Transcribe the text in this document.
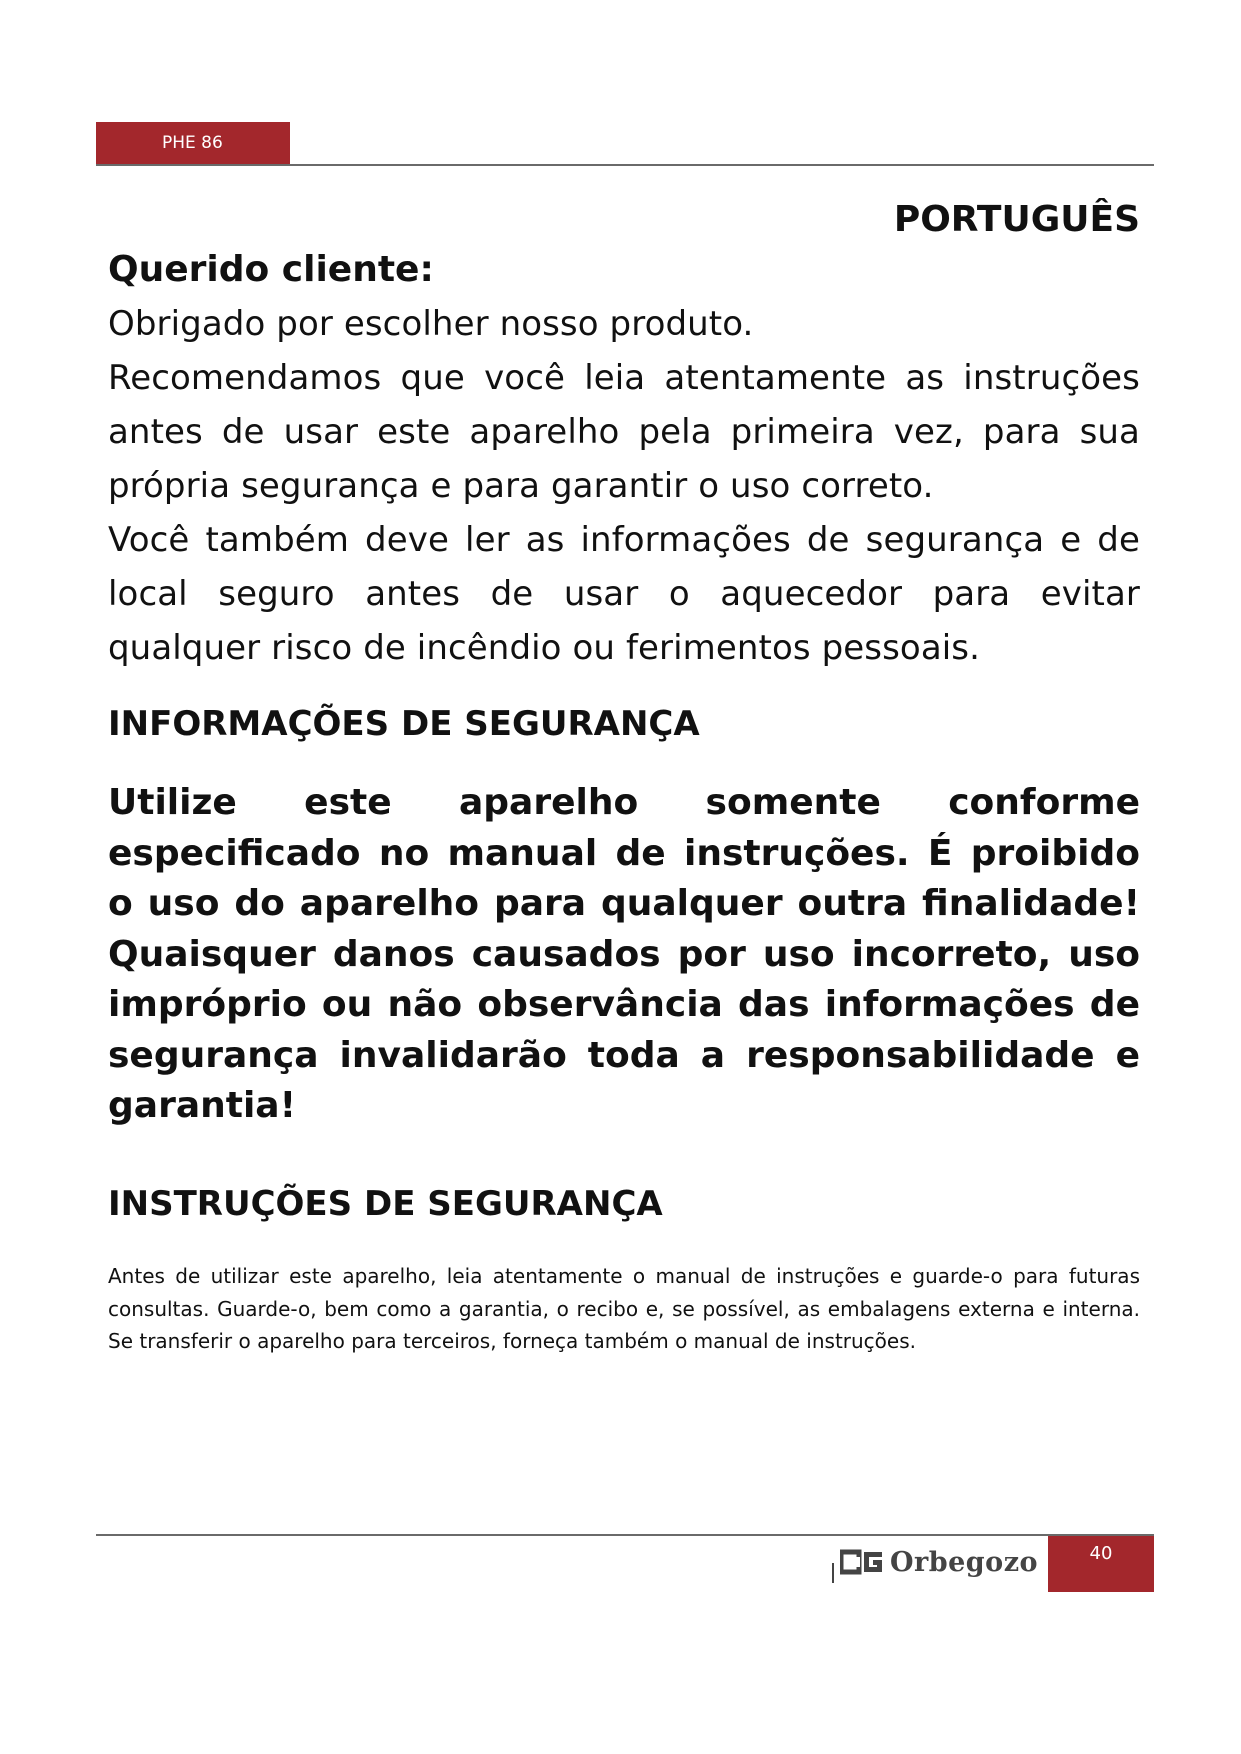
PHE 86
PORTUGUÊS
Querido cliente:

Obrigado por escolher nosso produto.

Recomendamos que você leia atentamente as instruções antes de usar este aparelho pela primeira vez, para sua própria segurança e para garantir o uso correto.

Você também deve ler as informações de segurança e de local seguro antes de usar o aquecedor para evitar qualquer risco de incêndio ou ferimentos pessoais.

INFORMAÇÕES DE SEGURANÇA

Utilize este aparelho somente conforme especificado no manual de instruções. É proibido o uso do aparelho para qualquer outra finalidade! Quaisquer danos causados por uso incorreto, uso impróprio ou não observância das informações de segurança invalidarão toda a responsabilidade e garantia!

INSTRUÇÕES DE SEGURANÇA

Antes de utilizar este aparelho, leia atentamente o manual de instruções e guarde-o para futuras consultas. Guarde-o, bem como a garantia, o recibo e, se possível, as embalagens externa e interna. Se transferir o aparelho para terceiros, forneça também o manual de instruções.

Orbegozo	40
